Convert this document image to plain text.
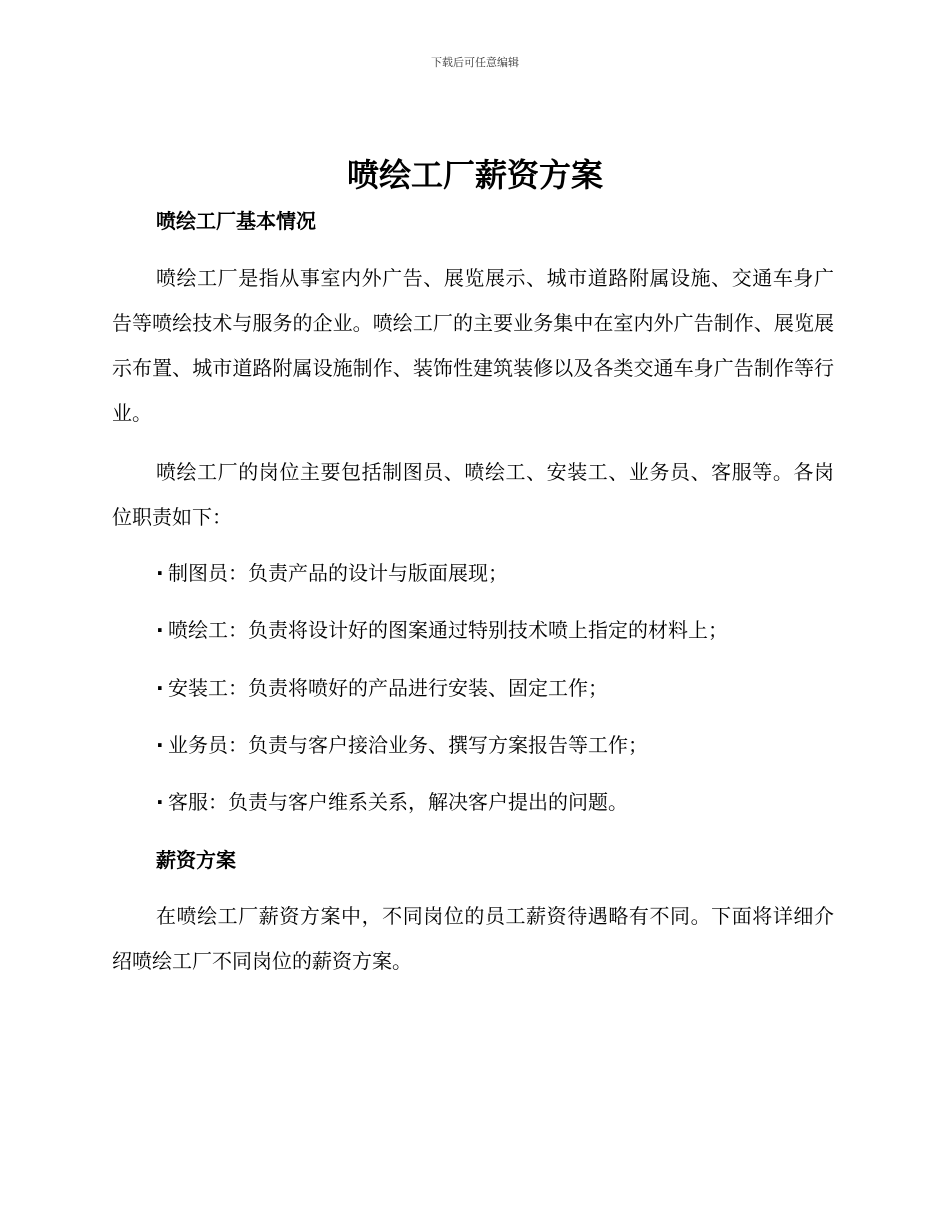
下载后可任意编辑
喷绘工厂薪资方案
喷绘工厂基本情况
喷绘工厂是指从事室内外广告、展览展示、城市道路附属设施、交通车身广告等喷绘技术与服务的企业。喷绘工厂的主要业务集中在室内外广告制作、展览展示布置、城市道路附属设施制作、装饰性建筑装修以及各类交通车身广告制作等行业。
喷绘工厂的岗位主要包括制图员、喷绘工、安装工、业务员、客服等。各岗位职责如下：
· 制图员：负责产品的设计与版面展现；
· 喷绘工：负责将设计好的图案通过特别技术喷上指定的材料上；
· 安装工：负责将喷好的产品进行安装、固定工作；
· 业务员：负责与客户接洽业务、撰写方案报告等工作；
· 客服：负责与客户维系关系，解决客户提出的问题。
薪资方案
在喷绘工厂薪资方案中，不同岗位的员工薪资待遇略有不同。下面将详细介绍喷绘工厂不同岗位的薪资方案。
